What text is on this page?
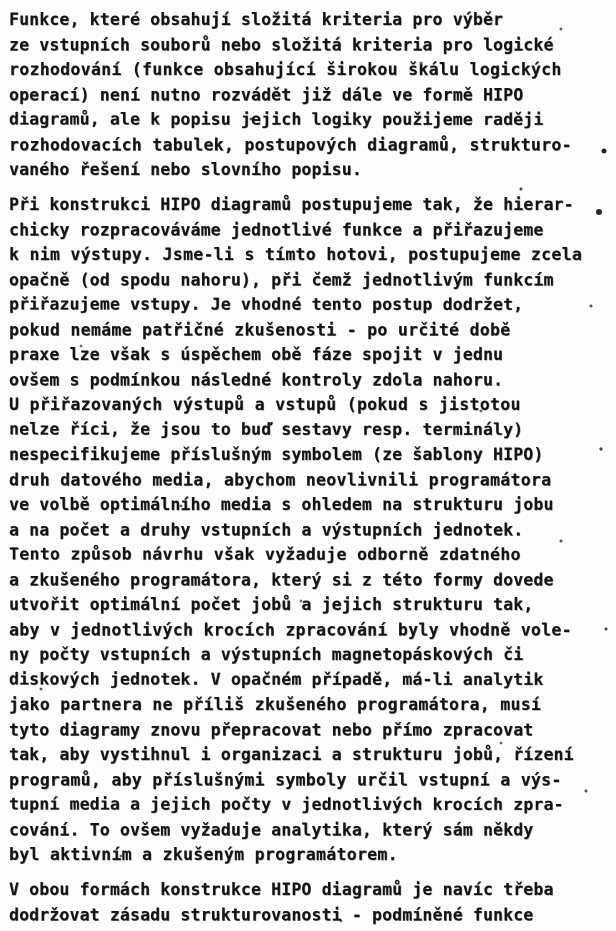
Funkce, které obsahují složitá kriteria pro výběr
ze vstupních souborů nebo složitá kriteria pro logické
rozhodování (funkce obsahující širokou škálu logických
operací) není nutno rozvádět již dále ve formě HIPO
diagramů, ale k popisu jejich logiky použijeme raději
rozhodovacích tabulek, postupových diagramů, strukturo-
vaného řešení nebo slovního popisu.
Při konstrukci HIPO diagramů postupujeme tak, že hierar-
chicky rozpracováváme jednotlivé funkce a přiřazujeme
k nim výstupy. Jsme-li s tímto hotovi, postupujeme zcela
opačně (od spodu nahoru), při čemž jednotlivým funkcím
přiřazujeme vstupy. Je vhodné tento postup dodržet,
pokud nemáme patřičné zkušenosti - po určité době
praxe lze však s úspěchem obě fáze spojit v jednu
ovšem s podmínkou následné kontroly zdola nahoru.
U přiřazovaných výstupů a vstupů (pokud s jistotou
nelze říci, že jsou to buď sestavy resp. terminály)
nespecifikujeme příslušným symbolem (ze šablony HIPO)
druh datového media, abychom neovlivnili programátora
ve volbě optimálního media s ohledem na strukturu jobu
a na počet a druhy vstupních a výstupních jednotek.
Tento způsob návrhu však vyžaduje odborně zdatného
a zkušeného programátora, který si z této formy dovede
utvořit optimální počet jobů a jejich strukturu tak,
aby v jednotlivých krocích zpracování byly vhodně vole-
ny počty vstupních a výstupních magnetopáskových či
diskových jednotek. V opačném případě, má-li analytik
jako partnera ne příliš zkušeného programátora, musí
tyto diagramy znovu přepracovat nebo přímo zpracovat
tak, aby vystihnul i organizaci a strukturu jobů, řízení
programů, aby příslušnými symboly určil vstupní a výs-
tupní media a jejich počty v jednotlivých krocích zpra-
cování. To ovšem vyžaduje analytika, který sám někdy
byl aktivním a zkušeným programátorem.
V obou formách konstrukce HIPO diagramů je navíc třeba
dodržovat zásadu strukturovanosti - podmíněné funkce
